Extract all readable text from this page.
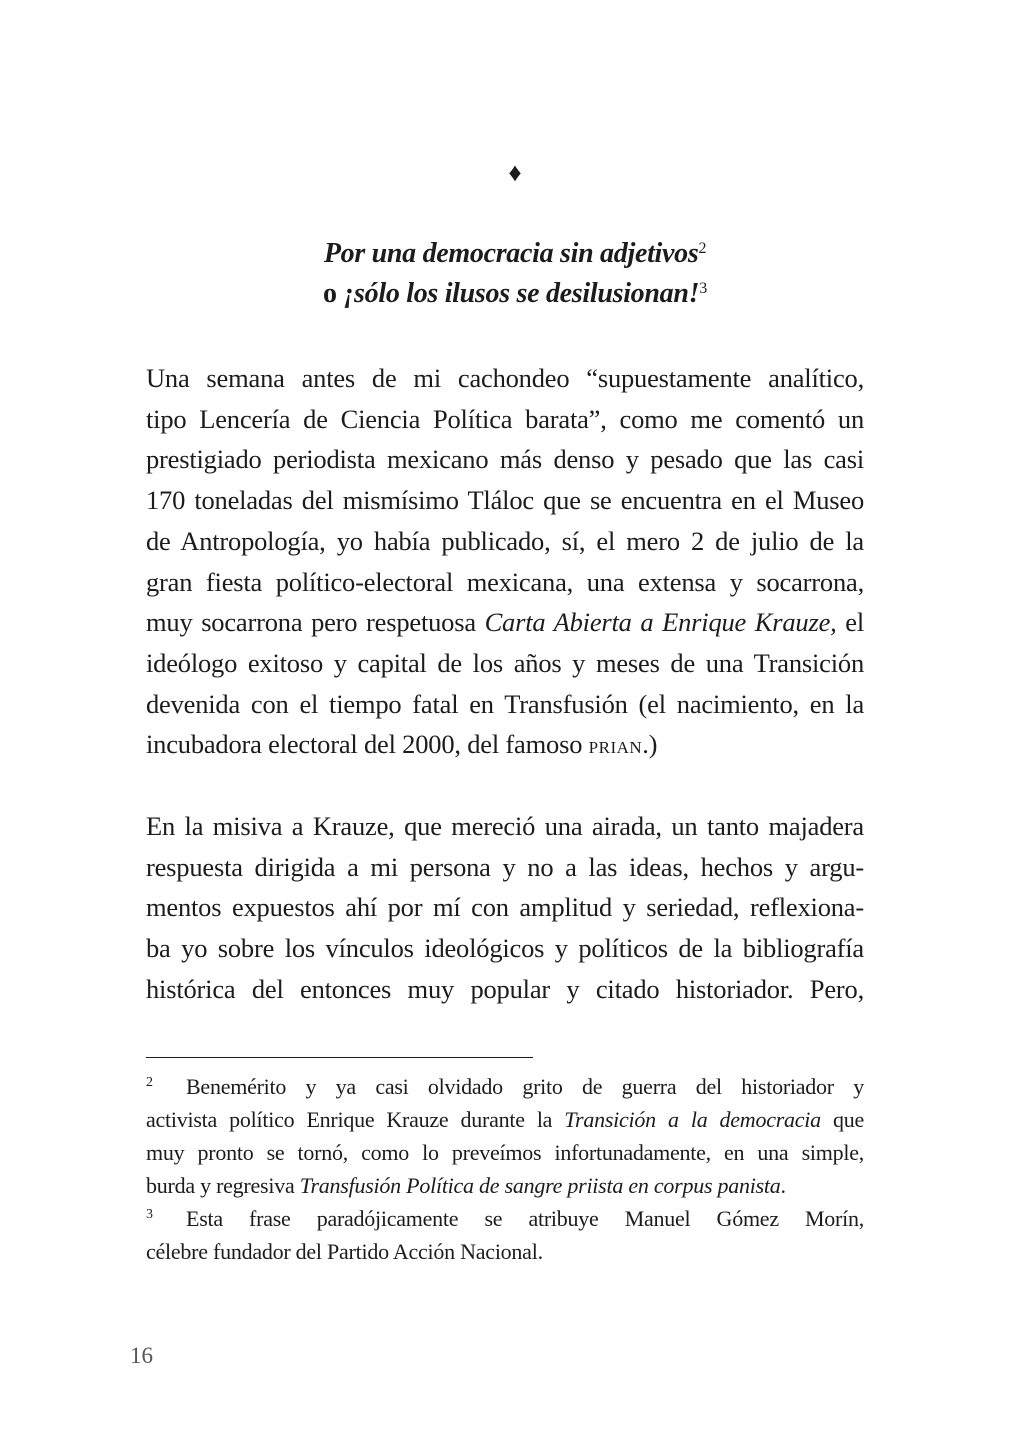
♦
Por una democracia sin adjetivos$^2$
o ¡sólo los ilusos se desilusionan!$^3$
Una semana antes de mi cachondeo “supuestamente analítico,
tipo Lencería de Ciencia Política barata”, como me comentó un
prestigiado periodista mexicano más denso y pesado que las casi
170 toneladas del mismísimo Tláloc que se encuentra en el Museo
de Antropología, yo había publicado, sí, el mero 2 de julio de la
gran fiesta político-electoral mexicana, una extensa y socarrona,
muy socarrona pero respetuosa Carta Abierta a Enrique Krauze, el
ideólogo exitoso y capital de los años y meses de una Transición
devenida con el tiempo fatal en Transfusión (el nacimiento, en la
incubadora electoral del 2000, del famoso prian.)
En la misiva a Krauze, que mereció una airada, un tanto majadera
respuesta dirigida a mi persona y no a las ideas, hechos y argu-
mentos expuestos ahí por mí con amplitud y seriedad, reflexiona-
ba yo sobre los vínculos ideológicos y políticos de la bibliografía
histórica del entonces muy popular y citado historiador. Pero,
2 Benemérito y ya casi olvidado grito de guerra del historiador y
activista político Enrique Krauze durante la Transición a la democracia que
muy pronto se tornó, como lo preveímos infortunadamente, en una simple,
burda y regresiva Transfusión Política de sangre priista en corpus panista.
3 Esta frase paradójicamente se atribuye Manuel Gómez Morín,
célebre fundador del Partido Acción Nacional.
16
